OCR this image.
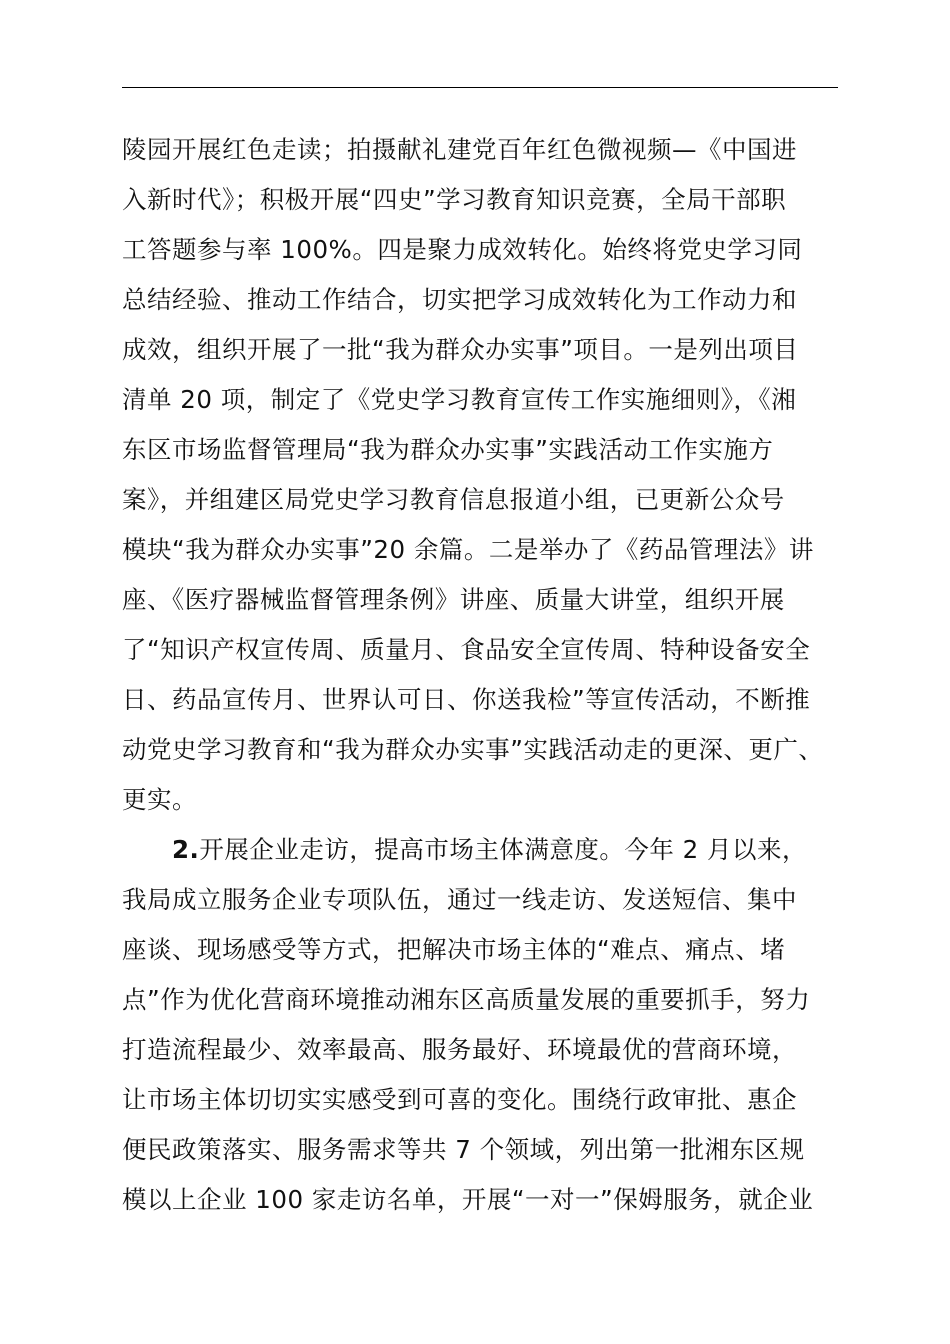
陵园开展红色走读；拍摄献礼建党百年红色微视频—《中国进
入新时代》；积极开展“四史”学习教育知识竞赛，全局干部职
工答题参与率 100%。四是聚力成效转化。始终将党史学习同
总结经验、推动工作结合，切实把学习成效转化为工作动力和
成效，组织开展了一批“我为群众办实事”项目。一是列出项目
清单 20 项，制定了《党史学习教育宣传工作实施细则》，《湘
东区市场监督管理局“我为群众办实事”实践活动工作实施方
案》，并组建区局党史学习教育信息报道小组，已更新公众号
模块“我为群众办实事”20 余篇。二是举办了《药品管理法》讲
座、《医疗器械监督管理条例》讲座、质量大讲堂，组织开展
了“知识产权宣传周、质量月、食品安全宣传周、特种设备安全
日、药品宣传月、世界认可日、你送我检”等宣传活动，不断推
动党史学习教育和“我为群众办实事”实践活动走的更深、更广、
更实。
2.开展企业走访，提高市场主体满意度。今年 2 月以来，
我局成立服务企业专项队伍，通过一线走访、发送短信、集中
座谈、现场感受等方式，把解决市场主体的“难点、痛点、堵
点”作为优化营商环境推动湘东区高质量发展的重要抓手，努力
打造流程最少、效率最高、服务最好、环境最优的营商环境，
让市场主体切切实实感受到可喜的变化。围绕行政审批、惠企
便民政策落实、服务需求等共 7 个领域，列出第一批湘东区规
模以上企业 100 家走访名单，开展“一对一”保姆服务，就企业
